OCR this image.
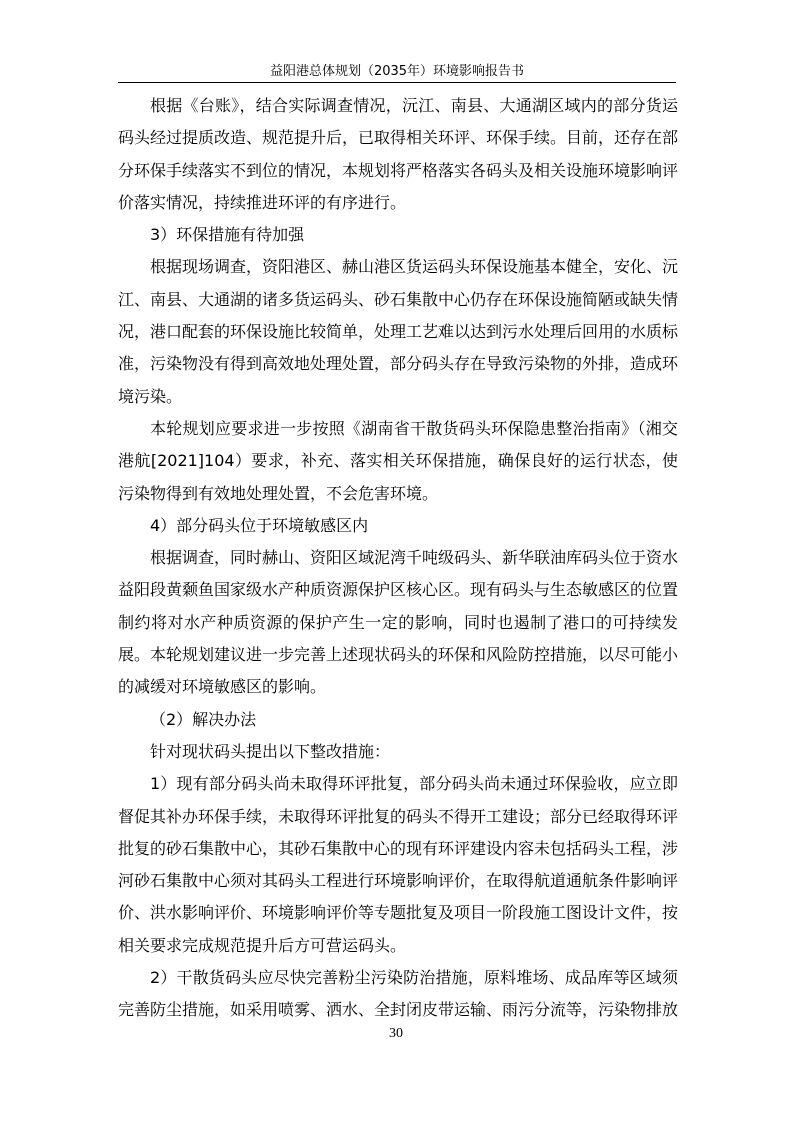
益阳港总体规划（2035年）环境影响报告书

根据《台账》，结合实际调查情况，沅江、南县、大通湖区域内的部分货运码头经过提质改造、规范提升后，已取得相关环评、环保手续。目前，还存在部分环保手续落实不到位的情况，本规划将严格落实各码头及相关设施环境影响评价落实情况，持续推进环评的有序进行。

3）环保措施有待加强

根据现场调查，资阳港区、赫山港区货运码头环保设施基本健全，安化、沅江、南县、大通湖的诸多货运码头、砂石集散中心仍存在环保设施简陋或缺失情况，港口配套的环保设施比较简单，处理工艺难以达到污水处理后回用的水质标准，污染物没有得到高效地处理处置，部分码头存在导致污染物的外排，造成环境污染。

本轮规划应要求进一步按照《湖南省干散货码头环保隐患整治指南》（湘交港航[2021]104）要求，补充、落实相关环保措施，确保良好的运行状态，使污染物得到有效地处理处置，不会危害环境。

4）部分码头位于环境敏感区内

根据调查，同时赫山、资阳区域泥湾千吨级码头、新华联油库码头位于资水益阳段黄颡鱼国家级水产种质资源保护区核心区。现有码头与生态敏感区的位置制约将对水产种质资源的保护产生一定的影响，同时也遏制了港口的可持续发展。本轮规划建议进一步完善上述现状码头的环保和风险防控措施，以尽可能小的减缓对环境敏感区的影响。

（2）解决办法

针对现状码头提出以下整改措施：

1）现有部分码头尚未取得环评批复，部分码头尚未通过环保验收，应立即督促其补办环保手续，未取得环评批复的码头不得开工建设；部分已经取得环评批复的砂石集散中心，其砂石集散中心的现有环评建设内容未包括码头工程，涉河砂石集散中心须对其码头工程进行环境影响评价，在取得航道通航条件影响评价、洪水影响评价、环境影响评价等专题批复及项目一阶段施工图设计文件，按相关要求完成规范提升后方可营运码头。

2）干散货码头应尽快完善粉尘污染防治措施，原料堆场、成品库等区域须完善防尘措施，如采用喷雾、洒水、全封闭皮带运输、雨污分流等，污染物排放

30
